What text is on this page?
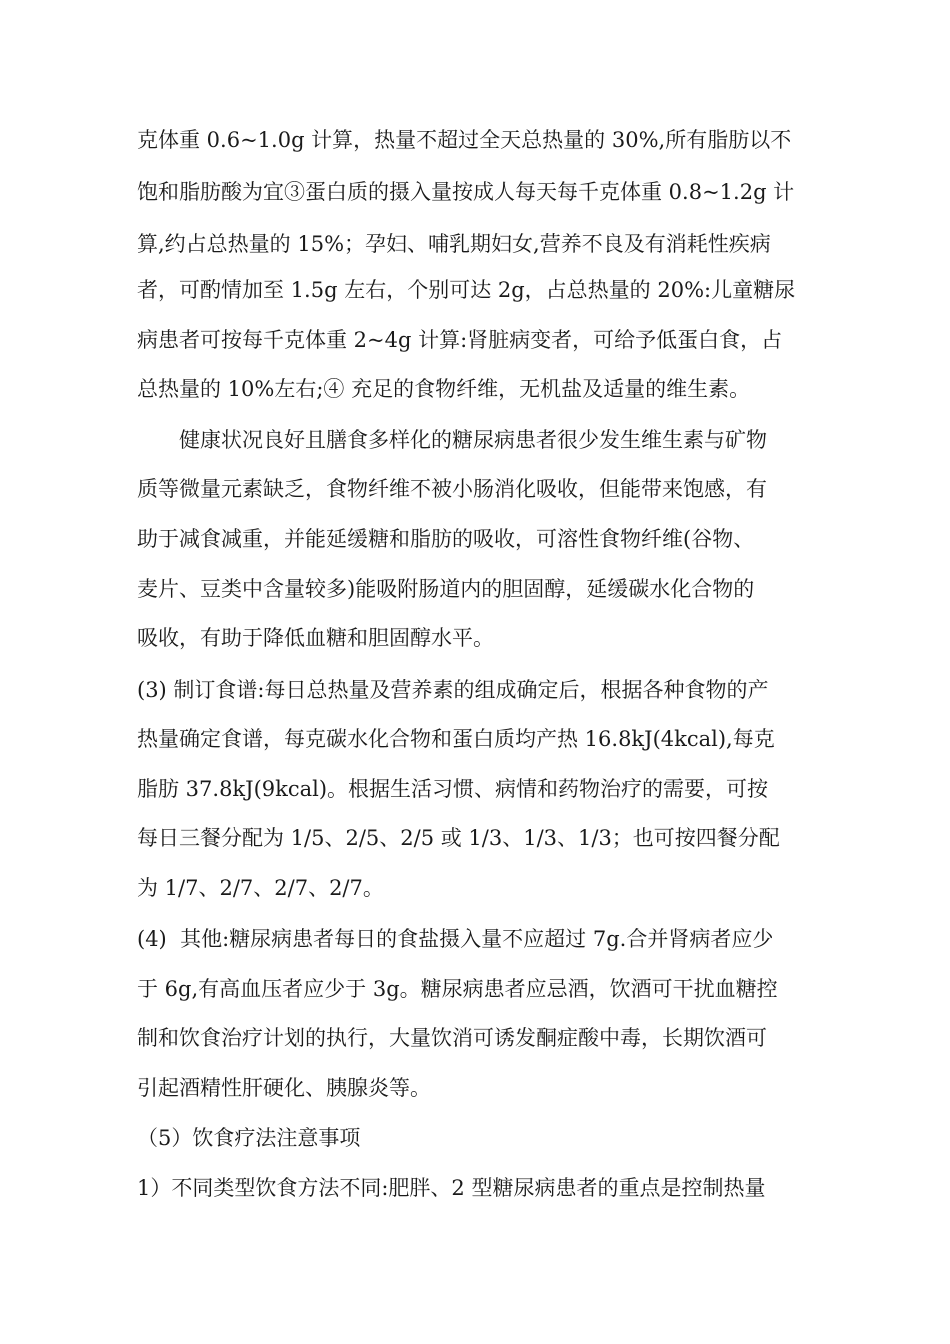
克体重 0.6~1.0g 计算，热量不超过全天总热量的 30%,所有脂肪以不
饱和脂肪酸为宜③蛋白质的摄入量按成人每天每千克体重 0.8~1.2g 计
算,约占总热量的 15%；孕妇、哺乳期妇女,营养不良及有消耗性疾病
者，可酌情加至 1.5g 左右，个别可达 2g，占总热量的 20%:儿童糖尿
病患者可按每千克体重 2~4g 计算:肾脏病变者，可给予低蛋白食，占
总热量的 10%左右;④ 充足的食物纤维，无机盐及适量的维生素。
　　健康状况良好且膳食多样化的糖尿病患者很少发生维生素与矿物
质等微量元素缺乏，食物纤维不被小肠消化吸收，但能带来饱感，有
助于减食减重，并能延缓糖和脂肪的吸收，可溶性食物纤维(谷物、
麦片、豆类中含量较多)能吸附肠道内的胆固醇，延缓碳水化合物的
吸收，有助于降低血糖和胆固醇水平。
(3) 制订食谱:每日总热量及营养素的组成确定后，根据各种食物的产
热量确定食谱，每克碳水化合物和蛋白质均产热 16.8kJ(4kcal),每克
脂肪 37.8kJ(9kcal)。根据生活习惯、病情和药物治疗的需要，可按
每日三餐分配为 1/5、2/5、2/5 或 1/3、1/3、1/3；也可按四餐分配
为 1/7、2/7、2/7、2/7。
(4)  其他:糖尿病患者每日的食盐摄入量不应超过 7g.合并肾病者应少
于 6g,有高血压者应少于 3g。糖尿病患者应忌酒，饮酒可干扰血糖控
制和饮食治疗计划的执行，大量饮消可诱发酮症酸中毒，长期饮酒可
引起酒精性肝硬化、胰腺炎等。
（5）饮食疗法注意事项
1）不同类型饮食方法不同:肥胖、2 型糖尿病患者的重点是控制热量
